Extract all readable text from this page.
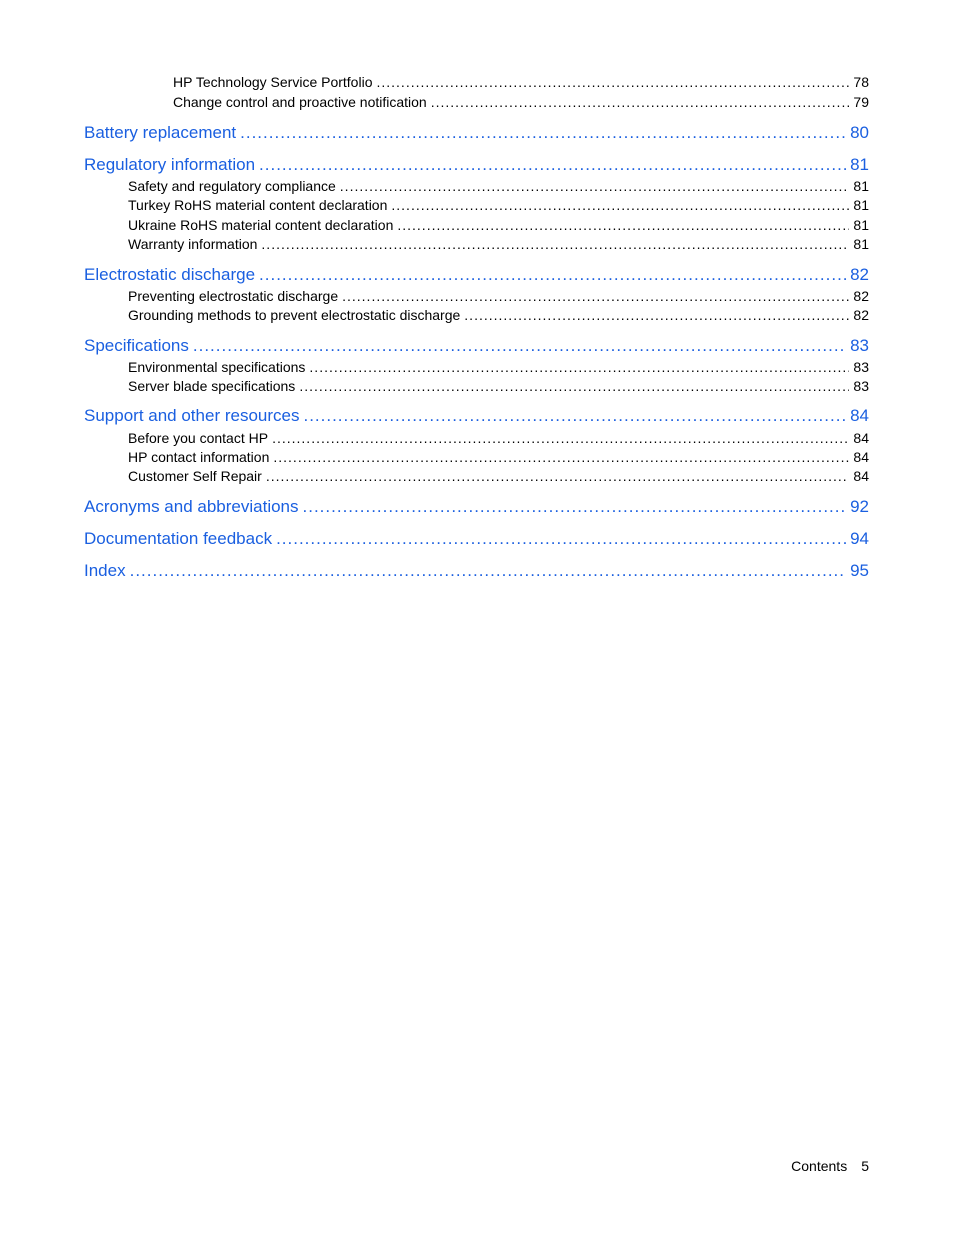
HP Technology Service Portfolio .....	78
Change control and proactive notification .....	79
Battery replacement .....	80
Regulatory information .....	81
Safety and regulatory compliance .....	81
Turkey RoHS material content declaration .....	81
Ukraine RoHS material content declaration .....	81
Warranty information .....	81
Electrostatic discharge .....	82
Preventing electrostatic discharge .....	82
Grounding methods to prevent electrostatic discharge .....	82
Specifications .....	83
Environmental specifications .....	83
Server blade specifications .....	83
Support and other resources .....	84
Before you contact HP .....	84
HP contact information .....	84
Customer Self Repair .....	84
Acronyms and abbreviations .....	92
Documentation feedback .....	94
Index .....	95
Contents 5
